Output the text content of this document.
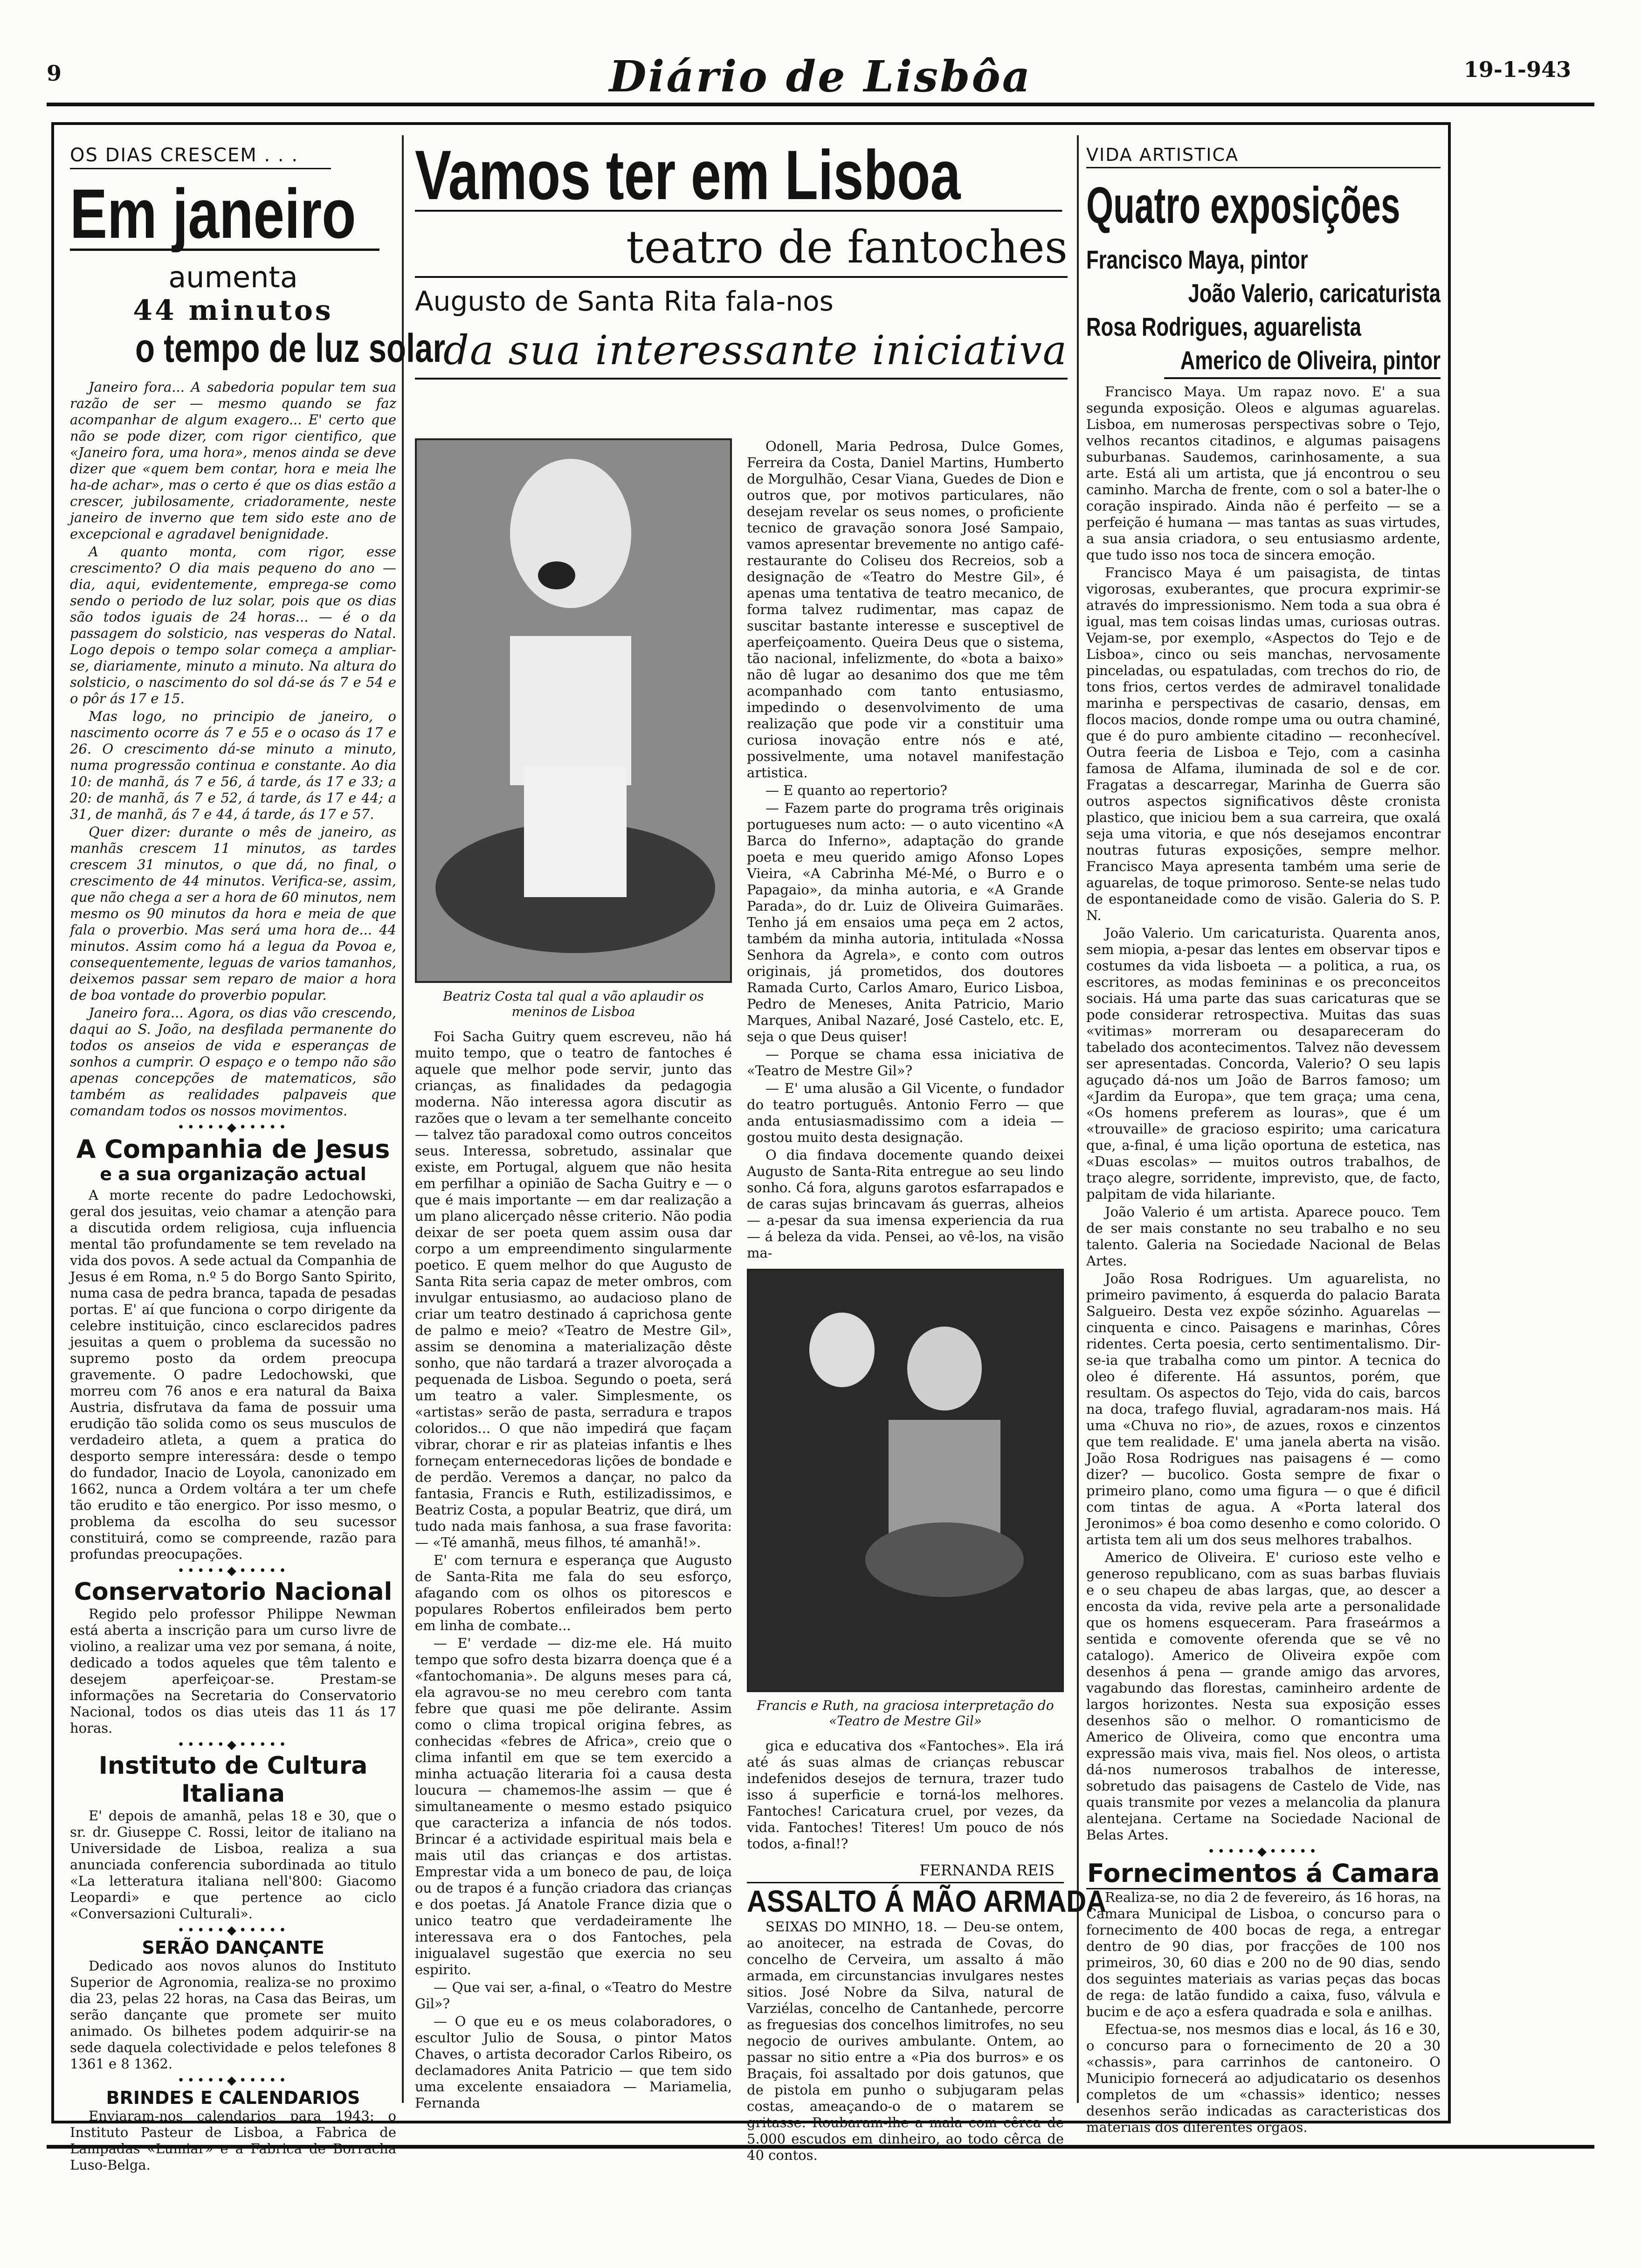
9	Diário de Lisbôa	19-1-943
OS DIAS CRESCEM . . .
Em janeiro
aumenta
44 minutos
o tempo de luz solar

Janeiro fora... A sabedoria popular tem sua razão de ser — mesmo quando se faz acompanhar de algum exagero... E' certo que não se pode dizer, com rigor cientifico, que «Janeiro fora, uma hora», menos ainda se deve dizer que «quem bem contar, hora e meia lhe ha-de achar», mas o certo é que os dias estão a crescer, jubilosamente, criadoramente, neste janeiro de inverno que tem sido este ano de excepcional e agradavel benignidade.

A quanto monta, com rigor, esse crescimento? O dia mais pequeno do ano — dia, aqui, evidentemente, emprega-se como sendo o periodo de luz solar, pois que os dias são todos iguais de 24 horas... — é o da passagem do solsticio, nas vesperas do Natal. Logo depois o tempo solar começa a ampliar-se, diariamente, minuto a minuto. Na altura do solsticio, o nascimento do sol dá-se ás 7 e 54 e o pôr ás 17 e 15.

Mas logo, no principio de janeiro, o nascimento ocorre ás 7 e 55 e o ocaso ás 17 e 26. O crescimento dá-se minuto a minuto, numa progressão continua e constante. Ao dia 10: de manhã, ás 7 e 56, á tarde, ás 17 e 33; a 20: de manhã, ás 7 e 52, á tarde, ás 17 e 44; a 31, de manhã, ás 7 e 44, á tarde, ás 17 e 57.

Quer dizer: durante o mês de janeiro, as manhãs crescem 11 minutos, as tardes crescem 31 minutos, o que dá, no final, o crescimento de 44 minutos. Verifica-se, assim, que não chega a ser a hora de 60 minutos, nem mesmo os 90 minutos da hora e meia de que fala o proverbio. Mas será uma hora de... 44 minutos. Assim como há a legua da Povoa e, consequentemente, leguas de varios tamanhos, deixemos passar sem reparo de maior a hora de boa vontade do proverbio popular.

Janeiro fora... Agora, os dias vão crescendo, daqui ao S. João, na desfilada permanente do todos os anseios de vida e esperanças de sonhos a cumprir. O espaço e o tempo não são apenas concepções de matematicos, são também as realidades palpaveis que comandam todos os nossos movimentos.

•••••◆•••••
A Companhia de Jesus
e a sua organização actual

A morte recente do padre Ledochowski, geral dos jesuitas, veio chamar a atenção para a discutida ordem religiosa, cuja influencia mental tão profundamente se tem revelado na vida dos povos. A sede actual da Companhia de Jesus é em Roma, n.º 5 do Borgo Santo Spirito, numa casa de pedra branca, tapada de pesadas portas. E' aí que funciona o corpo dirigente da celebre instituição, cinco esclarecidos padres jesuitas a quem o problema da sucessão no supremo posto da ordem preocupa gravemente. O padre Ledochowski, que morreu com 76 anos e era natural da Baixa Austria, disfrutava da fama de possuir uma erudição tão solida como os seus musculos de verdadeiro atleta, a quem a pratica do desporto sempre interessára: desde o tempo do fundador, Inacio de Loyola, canonizado em 1662, nunca a Ordem voltára a ter um chefe tão erudito e tão energico. Por isso mesmo, o problema da escolha do seu sucessor constituirá, como se compreende, razão para profundas preocupações.

•••••◆•••••
Conservatorio Nacional

Regido pelo professor Philippe Newman está aberta a inscrição para um curso livre de violino, a realizar uma vez por semana, á noite, dedicado a todos aqueles que têm talento e desejem aperfeiçoar-se. Prestam-se informações na Secretaria do Conservatorio Nacional, todos os dias uteis das 11 ás 17 horas.

•••••◆•••••
Instituto de Cultura Italiana

E' depois de amanhã, pelas 18 e 30, que o sr. dr. Giuseppe C. Rossi, leitor de italiano na Universidade de Lisboa, realiza a sua anunciada conferencia subordinada ao titulo «La letteratura italiana nell'800: Giacomo Leopardi» e que pertence ao ciclo «Conversazioni Culturali».

•••••◆•••••
SERÃO DANÇANTE

Dedicado aos novos alunos do Instituto Superior de Agronomia, realiza-se no proximo dia 23, pelas 22 horas, na Casa das Beiras, um serão dançante que promete ser muito animado. Os bilhetes podem adquirir-se na sede daquela colectividade e pelos telefones 8 1361 e 8 1362.

•••••◆•••••
BRINDES E CALENDARIOS

Enviaram-nos calendarios para 1943: o Instituto Pasteur de Lisboa, a Fabrica de Lampadas «Lumiar» e a Fabrica de Borracha Luso-Belga.

Vamos ter em Lisboa
teatro de fantoches
Augusto de Santa Rita fala-nos
da sua interessante iniciativa
Beatriz Costa tal qual a vão aplaudir os meninos de Lisboa

Foi Sacha Guitry quem escreveu, não há muito tempo, que o teatro de fantoches é aquele que melhor pode servir, junto das crianças, as finalidades da pedagogia moderna. Não interessa agora discutir as razões que o levam a ter semelhante conceito — talvez tão paradoxal como outros conceitos seus. Interessa, sobretudo, assinalar que existe, em Portugal, alguem que não hesita em perfilhar a opinião de Sacha Guitry e — o que é mais importante — em dar realização a um plano alicerçado nêsse criterio. Não podia deixar de ser poeta quem assim ousa dar corpo a um empreendimento singularmente poetico. E quem melhor do que Augusto de Santa Rita seria capaz de meter ombros, com invulgar entusiasmo, ao audacioso plano de criar um teatro destinado á caprichosa gente de palmo e meio? «Teatro de Mestre Gil», assim se denomina a materialização dêste sonho, que não tardará a trazer alvoroçada a pequenada de Lisboa. Segundo o poeta, será um teatro a valer. Simplesmente, os «artistas» serão de pasta, serradura e trapos coloridos... O que não impedirá que façam vibrar, chorar e rir as plateias infantis e lhes forneçam enternecedoras lições de bondade e de perdão. Veremos a dançar, no palco da fantasia, Francis e Ruth, estilizadissimos, e Beatriz Costa, a popular Beatriz, que dirá, um tudo nada mais fanhosa, a sua frase favorita: — «Té amanhã, meus filhos, té amanhã!».

E' com ternura e esperança que Augusto de Santa-Rita me fala do seu esforço, afagando com os olhos os pitorescos e populares Robertos enfileirados bem perto em linha de combate...

— E' verdade — diz-me ele. Há muito tempo que sofro desta bizarra doença que é a «fantochomania». De alguns meses para cá, ela agravou-se no meu cerebro com tanta febre que quasi me põe delirante. Assim como o clima tropical origina febres, as conhecidas «febres de Africa», creio que o clima infantil em que se tem exercido a minha actuação literaria foi a causa desta loucura — chamemos-lhe assim — que é simultaneamente o mesmo estado psiquico que caracteriza a infancia de nós todos. Brincar é a actividade espiritual mais bela e mais util das crianças e dos artistas. Emprestar vida a um boneco de pau, de loiça ou de trapos é a função criadora das crianças e dos poetas. Já Anatole France dizia que o unico teatro que verdadeiramente lhe interessava era o dos Fantoches, pela inigualavel sugestão que exercia no seu espirito.

— Que vai ser, a-final, o «Teatro do Mestre Gil»?

— O que eu e os meus colaboradores, o escultor Julio de Sousa, o pintor Matos Chaves, o artista decorador Carlos Ribeiro, os declamadores Anita Patricio — que tem sido uma excelente ensaiadora — Mariamelia, Fernanda

Odonell, Maria Pedrosa, Dulce Gomes, Ferreira da Costa, Daniel Martins, Humberto de Morgulhão, Cesar Viana, Guedes de Dion e outros que, por motivos particulares, não desejam revelar os seus nomes, o proficiente tecnico de gravação sonora José Sampaio, vamos apresentar brevemente no antigo café-restaurante do Coliseu dos Recreios, sob a designação de «Teatro do Mestre Gil», é apenas uma tentativa de teatro mecanico, de forma talvez rudimentar, mas capaz de suscitar bastante interesse e susceptivel de aperfeiçoamento. Queira Deus que o sistema, tão nacional, infelizmente, do «bota a baixo» não dê lugar ao desanimo dos que me têm acompanhado com tanto entusiasmo, impedindo o desenvolvimento de uma realização que pode vir a constituir uma curiosa inovação entre nós e até, possivelmente, uma notavel manifestação artistica.

— E quanto ao repertorio?

— Fazem parte do programa três originais portugueses num acto: — o auto vicentino «A Barca do Inferno», adaptação do grande poeta e meu querido amigo Afonso Lopes Vieira, «A Cabrinha Mé-Mé, o Burro e o Papagaio», da minha autoria, e «A Grande Parada», do dr. Luiz de Oliveira Guimarães. Tenho já em ensaios uma peça em 2 actos, também da minha autoria, intitulada «Nossa Senhora da Agrela», e conto com outros originais, já prometidos, dos doutores Ramada Curto, Carlos Amaro, Eurico Lisboa, Pedro de Meneses, Anita Patricio, Mario Marques, Anibal Nazaré, José Castelo, etc. E, seja o que Deus quiser!

— Porque se chama essa iniciativa de «Teatro de Mestre Gil»?

— E' uma alusão a Gil Vicente, o fundador do teatro português. Antonio Ferro — que anda entusiasmadissimo com a ideia — gostou muito desta designação.

O dia findava docemente quando deixei Augusto de Santa-Rita entregue ao seu lindo sonho. Cá fora, alguns garotos esfarrapados e de caras sujas brincavam ás guerras, alheios — a-pesar da sua imensa experiencia da rua — á beleza da vida. Pensei, ao vê-los, na visão ma-

Francis e Ruth, na graciosa interpretação do «Teatro de Mestre Gil»

gica e educativa dos «Fantoches». Ela irá até ás suas almas de crianças rebuscar indefenidos desejos de ternura, trazer tudo isso á superficie e torná-los melhores. Fantoches! Caricatura cruel, por vezes, da vida. Fantoches! Titeres! Um pouco de nós todos, a-final!?

FERNANDA REIS
ASSALTO Á MÃO ARMADA

SEIXAS DO MINHO, 18. — Deu-se ontem, ao anoitecer, na estrada de Covas, do concelho de Cerveira, um assalto á mão armada, em circunstancias invulgares nestes sitios. José Nobre da Silva, natural de Varziélas, concelho de Cantanhede, percorre as freguesias dos concelhos limitrofes, no seu negocio de ourives ambulante. Ontem, ao passar no sitio entre a «Pia dos burros» e os Braçais, foi assaltado por dois gatunos, que de pistola em punho o subjugaram pelas costas, ameaçando-o de o matarem se gritasse. Roubaram-lhe a mala com cêrca de 5.000 escudos em dinheiro, ao todo cêrca de 40 contos.

VIDA ARTISTICA
Quatro exposições
Francisco Maya, pintor
João Valerio, caricaturista
Rosa Rodrigues, aguarelista
Americo de Oliveira, pintor

Francisco Maya. Um rapaz novo. E' a sua segunda exposição. Oleos e algumas aguarelas. Lisboa, em numerosas perspectivas sobre o Tejo, velhos recantos citadinos, e algumas paisagens suburbanas. Saudemos, carinhosamente, a sua arte. Está ali um artista, que já encontrou o seu caminho. Marcha de frente, com o sol a bater-lhe o coração inspirado. Ainda não é perfeito — se a perfeição é humana — mas tantas as suas virtudes, a sua ansia criadora, o seu entusiasmo ardente, que tudo isso nos toca de sincera emoção.

Francisco Maya é um paisagista, de tintas vigorosas, exuberantes, que procura exprimir-se através do impressionismo. Nem toda a sua obra é igual, mas tem coisas lindas umas, curiosas outras. Vejam-se, por exemplo, «Aspectos do Tejo e de Lisboa», cinco ou seis manchas, nervosamente pinceladas, ou espatuladas, com trechos do rio, de tons frios, certos verdes de admiravel tonalidade marinha e perspectivas de casario, densas, em flocos macios, donde rompe uma ou outra chaminé, que é do puro ambiente citadino — reconhecível. Outra feeria de Lisboa e Tejo, com a casinha famosa de Alfama, iluminada de sol e de cor. Fragatas a descarregar, Marinha de Guerra são outros aspectos significativos dêste cronista plastico, que iniciou bem a sua carreira, que oxalá seja uma vitoria, e que nós desejamos encontrar noutras futuras exposições, sempre melhor. Francisco Maya apresenta também uma serie de aguarelas, de toque primoroso. Sente-se nelas tudo de espontaneidade como de visão. Galeria do S. P. N.

João Valerio. Um caricaturista. Quarenta anos, sem miopia, a-pesar das lentes em observar tipos e costumes da vida lisboeta — a politica, a rua, os escritores, as modas femininas e os preconceitos sociais. Há uma parte das suas caricaturas que se pode considerar retrospectiva. Muitas das suas «vitimas» morreram ou desapareceram do tabelado dos acontecimentos. Talvez não devessem ser apresentadas. Concorda, Valerio? O seu lapis aguçado dá-nos um João de Barros famoso; um «Jardim da Europa», que tem graça; uma cena, «Os homens preferem as louras», que é um «trouvaille» de gracioso espirito; uma caricatura que, a-final, é uma lição oportuna de estetica, nas «Duas escolas» — muitos outros trabalhos, de traço alegre, sorridente, imprevisto, que, de facto, palpitam de vida hilariante.

João Valerio é um artista. Aparece pouco. Tem de ser mais constante no seu trabalho e no seu talento. Galeria na Sociedade Nacional de Belas Artes.

João Rosa Rodrigues. Um aguarelista, no primeiro pavimento, á esquerda do palacio Barata Salgueiro. Desta vez expõe sózinho. Aguarelas — cinquenta e cinco. Paisagens e marinhas, Côres ridentes. Certa poesia, certo sentimentalismo. Dir-se-ia que trabalha como um pintor. A tecnica do oleo é diferente. Há assuntos, porém, que resultam. Os aspectos do Tejo, vida do cais, barcos na doca, trafego fluvial, agradaram-nos mais. Há uma «Chuva no rio», de azues, roxos e cinzentos que tem realidade. E' uma janela aberta na visão. João Rosa Rodrigues nas paisagens é — como dizer? — bucolico. Gosta sempre de fixar o primeiro plano, como uma figura — o que é dificil com tintas de agua. A «Porta lateral dos Jeronimos» é boa como desenho e como colorido. O artista tem ali um dos seus melhores trabalhos.

Americo de Oliveira. E' curioso este velho e generoso republicano, com as suas barbas fluviais e o seu chapeu de abas largas, que, ao descer a encosta da vida, revive pela arte a personalidade que os homens esqueceram. Para fraseármos a sentida e comovente oferenda que se vê no catalogo). Americo de Oliveira expõe com desenhos á pena — grande amigo das arvores, vagabundo das florestas, caminheiro ardente de largos horizontes. Nesta sua exposição esses desenhos são o melhor. O romanticismo de Americo de Oliveira, como que encontra uma expressão mais viva, mais fiel. Nos oleos, o artista dá-nos numerosos trabalhos de interesse, sobretudo das paisagens de Castelo de Vide, nas quais transmite por vezes a melancolia da planura alentejana. Certame na Sociedade Nacional de Belas Artes.

•••••◆•••••
Fornecimentos á Camara

Realiza-se, no dia 2 de fevereiro, ás 16 horas, na Camara Municipal de Lisboa, o concurso para o fornecimento de 400 bocas de rega, a entregar dentro de 90 dias, por fracções de 100 nos primeiros, 30, 60 dias e 200 no de 90 dias, sendo dos seguintes materiais as varias peças das bocas de rega: de latão fundido a caixa, fuso, válvula e bucim e de aço a esfera quadrada e sola e anilhas.

Efectua-se, nos mesmos dias e local, ás 16 e 30, o concurso para o fornecimento de 20 a 30 «chassis», para carrinhos de cantoneiro. O Municipio fornecerá ao adjudicatario os desenhos completos de um «chassis» identico; nesses desenhos serão indicadas as caracteristicas dos materiais dos diferentes órgãos.
